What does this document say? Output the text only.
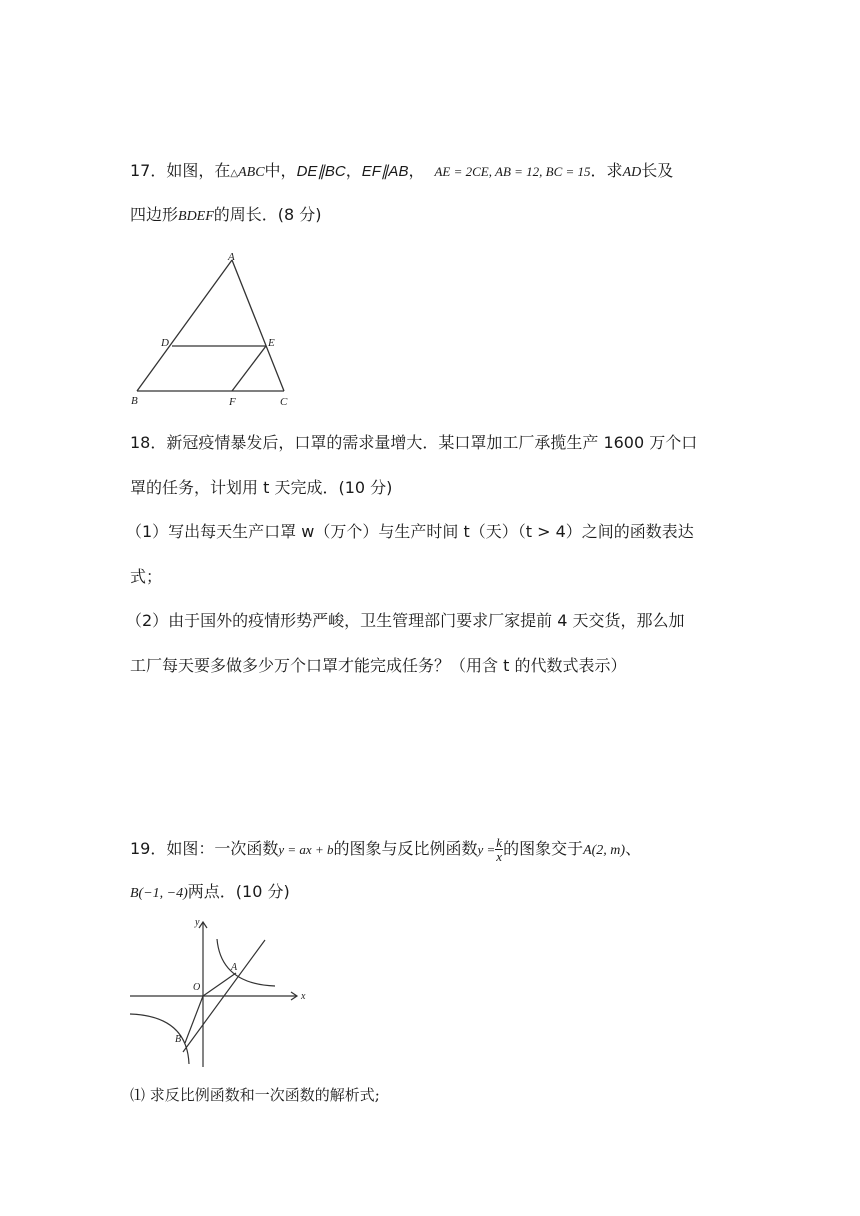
17．如图，在△ABC中，DE∥BC，EF∥AB， AE = 2CE, AB = 12, BC = 15．求AD长及
四边形BDEF的周长．(8 分)
A
D	E
B	F	C
18．新冠疫情暴发后，口罩的需求量增大．某口罩加工厂承揽生产 1600 万个口
罩的任务，计划用 t 天完成．(10 分)
（1）写出每天生产口罩 w（万个）与生产时间 t（天）（t > 4）之间的函数表达
式；
（2）由于国外的疫情形势严峻，卫生管理部门要求厂家提前 4 天交货，那么加
工厂每天要多做多少万个口罩才能完成任务？（用含 t 的代数式表示）
19．如图：一次函数y = ax + b的图象与反比例函数$y = \frac{k}{x}$ 的图象交于A(2, m)、
B(−1, −4)两点．(10 分)
x
y
O
A
B
⑴ 求反比例函数和一次函数的解析式;
